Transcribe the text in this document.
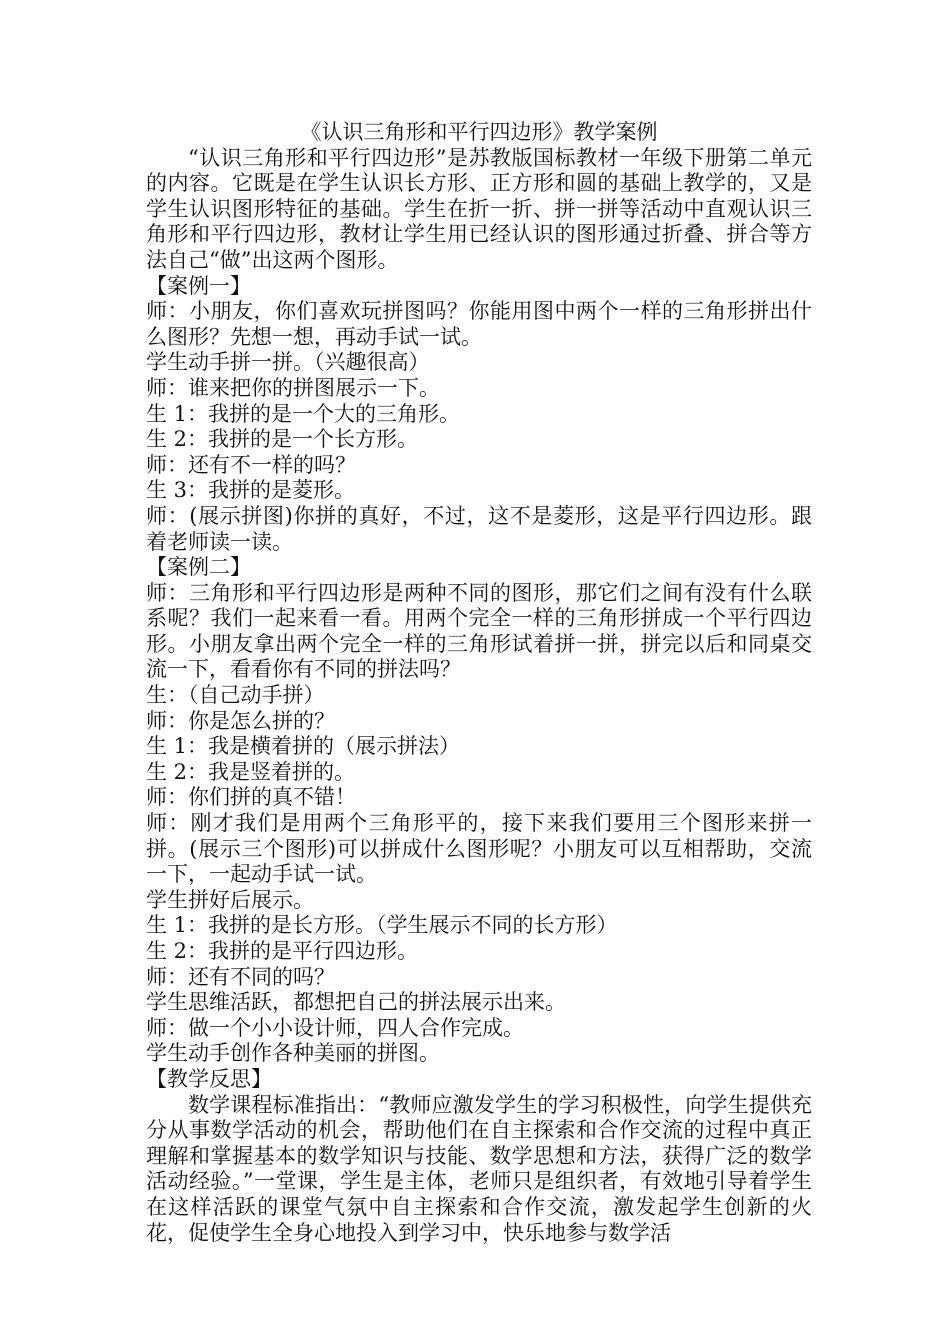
《认识三角形和平行四边形》教学案例

“认识三角形和平行四边形”是苏教版国标教材一年级下册第二单元的内容。它既是在学生认识长方形、正方形和圆的基础上教学的，又是学生认识图形特征的基础。学生在折一折、拼一拼等活动中直观认识三角形和平行四边形，教材让学生用已经认识的图形通过折叠、拼合等方法自己“做”出这两个图形。

【案例一】

师：小朋友，你们喜欢玩拼图吗？你能用图中两个一样的三角形拼出什么图形？先想一想，再动手试一试。

学生动手拼一拼。（兴趣很高）

师：谁来把你的拼图展示一下。

生 1：我拼的是一个大的三角形。

生 2：我拼的是一个长方形。

师：还有不一样的吗？

生 3：我拼的是菱形。

师：(展示拼图)你拼的真好，不过，这不是菱形，这是平行四边形。跟着老师读一读。

【案例二】

师：三角形和平行四边形是两种不同的图形，那它们之间有没有什么联系呢？我们一起来看一看。用两个完全一样的三角形拼成一个平行四边形。小朋友拿出两个完全一样的三角形试着拼一拼，拼完以后和同桌交流一下，看看你有不同的拼法吗？

生：（自己动手拼）

师：你是怎么拼的？

生 1：我是横着拼的（展示拼法）

生 2：我是竖着拼的。

师：你们拼的真不错！

师：刚才我们是用两个三角形平的，接下来我们要用三个图形来拼一拼。(展示三个图形)可以拼成什么图形呢？小朋友可以互相帮助，交流一下，一起动手试一试。

学生拼好后展示。

生 1：我拼的是长方形。（学生展示不同的长方形）

生 2：我拼的是平行四边形。

师：还有不同的吗？

学生思维活跃，都想把自己的拼法展示出来。

师：做一个小小设计师，四人合作完成。

学生动手创作各种美丽的拼图。

【教学反思】

数学课程标准指出：“教师应激发学生的学习积极性，向学生提供充分从事数学活动的机会，帮助他们在自主探索和合作交流的过程中真正理解和掌握基本的数学知识与技能、数学思想和方法，获得广泛的数学活动经验。”一堂课，学生是主体，老师只是组织者，有效地引导着学生在这样活跃的课堂气氛中自主探索和合作交流，激发起学生创新的火花，促使学生全身心地投入到学习中，快乐地参与数学活
